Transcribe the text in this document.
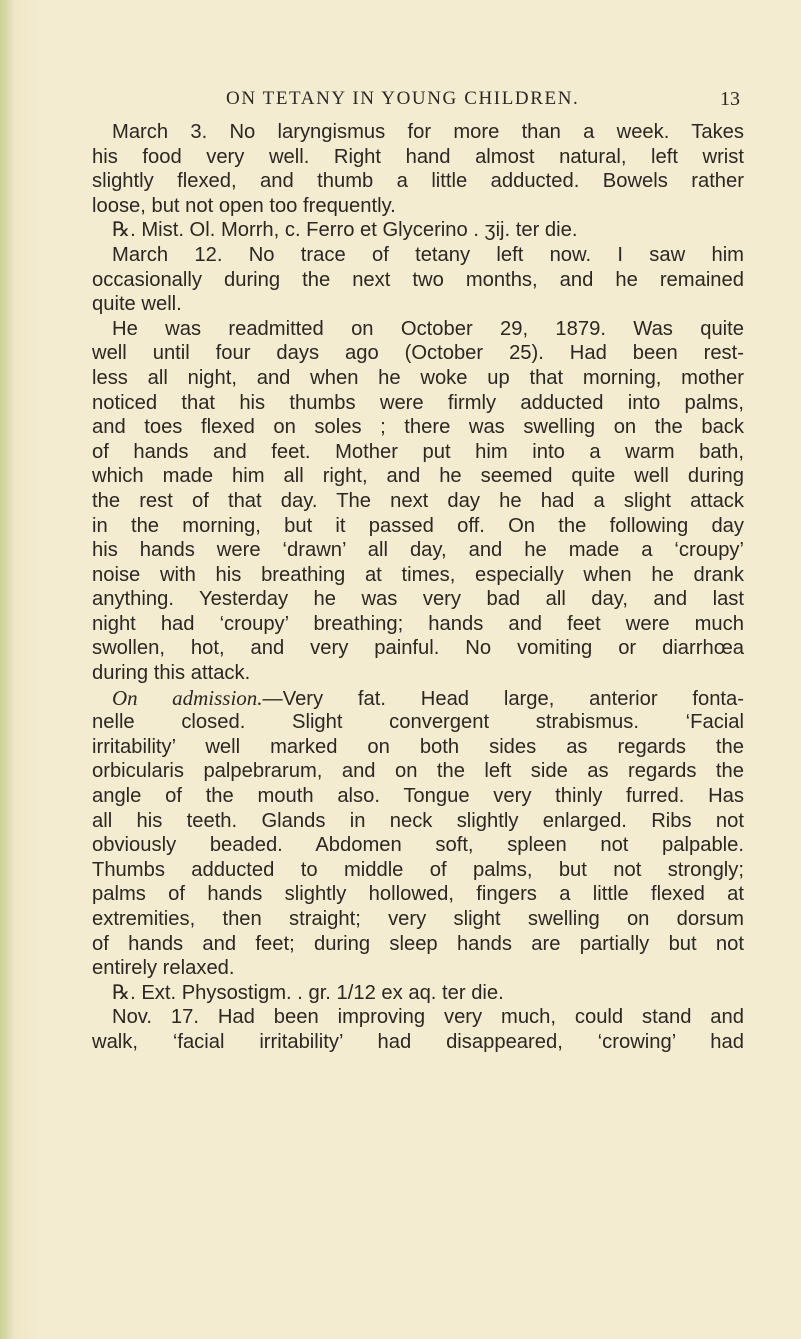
ON TETANY IN YOUNG CHILDREN.	13
March 3. No laryngismus for more than a week. Takes
his food very well. Right hand almost natural, left wrist
slightly flexed, and thumb a little adducted. Bowels rather
loose, but not open too frequently.
℞. Mist. Ol. Morrh, c. Ferro et Glycerino . ʒij. ter die.
March 12. No trace of tetany left now. I saw him
occasionally during the next two months, and he remained
quite well.
He was readmitted on October 29, 1879. Was quite
well until four days ago (October 25). Had been rest-
less all night, and when he woke up that morning, mother
noticed that his thumbs were firmly adducted into palms,
and toes flexed on soles ; there was swelling on the back
of hands and feet. Mother put him into a warm bath,
which made him all right, and he seemed quite well during
the rest of that day. The next day he had a slight attack
in the morning, but it passed off. On the following day
his hands were ‘drawn’ all day, and he made a ‘croupy’
noise with his breathing at times, especially when he drank
anything. Yesterday he was very bad all day, and last
night had ‘croupy’ breathing; hands and feet were much
swollen, hot, and very painful. No vomiting or diarrhœa
during this attack.
On admission.—Very fat. Head large, anterior fonta-
nelle closed. Slight convergent strabismus. ‘Facial
irritability’ well marked on both sides as regards the
orbicularis palpebrarum, and on the left side as regards the
angle of the mouth also. Tongue very thinly furred. Has
all his teeth. Glands in neck slightly enlarged. Ribs not
obviously beaded. Abdomen soft, spleen not palpable.
Thumbs adducted to middle of palms, but not strongly;
palms of hands slightly hollowed, fingers a little flexed at
extremities, then straight; very slight swelling on dorsum
of hands and feet; during sleep hands are partially but not
entirely relaxed.
℞. Ext. Physostigm. . gr. 1/12 ex aq. ter die.
Nov. 17. Had been improving very much, could stand and
walk, ‘facial irritability’ had disappeared, ‘crowing’ had
